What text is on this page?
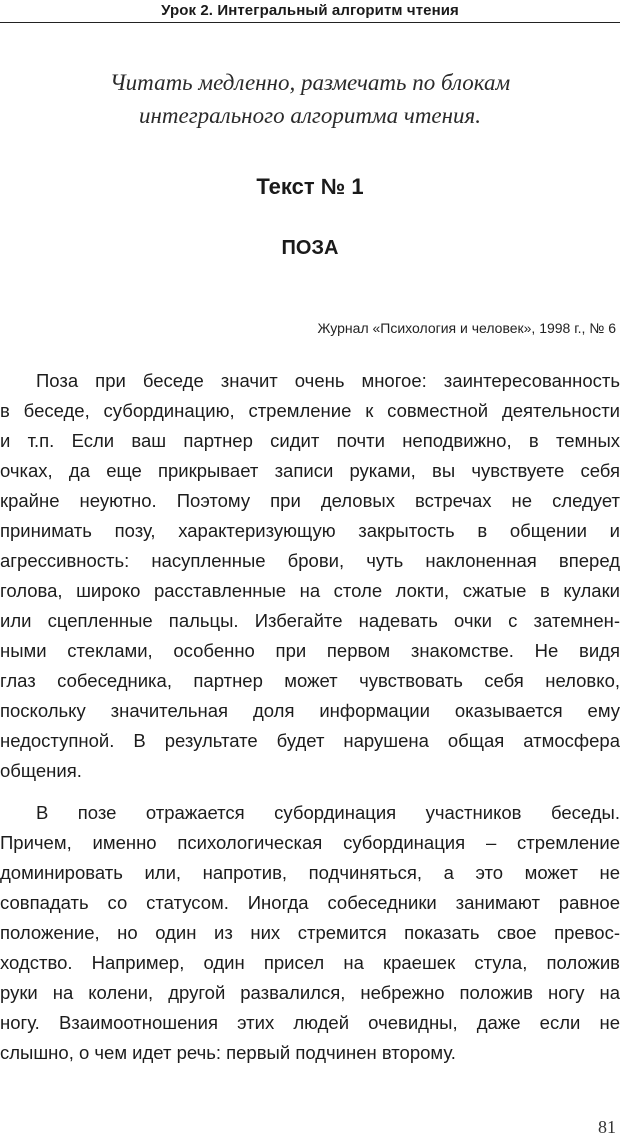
Урок 2. Интегральный алгоритм чтения
Читать медленно, размечать по блокам
интегрального алгоритма чтения.
Текст № 1
ПОЗА
Журнал «Психология и человек», 1998 г., № 6
Поза при беседе значит очень многое: заинтересованность
в беседе, субординацию, стремление к совместной деятельности
и т.п. Если ваш партнер сидит почти неподвижно, в темных
очках, да еще прикрывает записи руками, вы чувствуете себя
крайне неуютно. Поэтому при деловых встречах не следует
принимать позу, характеризующую закрытость в общении и
агрессивность: насупленные брови, чуть наклоненная вперед
голова, широко расставленные на столе локти, сжатые в кулаки
или сцепленные пальцы. Избегайте надевать очки с затемнен-
ными стеклами, особенно при первом знакомстве. Не видя
глаз собеседника, партнер может чувствовать себя неловко,
поскольку значительная доля информации оказывается ему
недоступной. В результате будет нарушена общая атмосфера
общения.
В позе отражается субординация участников беседы.
Причем, именно психологическая субординация – стремление
доминировать или, напротив, подчиняться, а это может не
совпадать со статусом. Иногда собеседники занимают равное
положение, но один из них стремится показать свое превос-
ходство. Например, один присел на краешек стула, положив
руки на колени, другой развалился, небрежно положив ногу на
ногу. Взаимоотношения этих людей очевидны, даже если не
слышно, о чем идет речь: первый подчинен второму.
81
